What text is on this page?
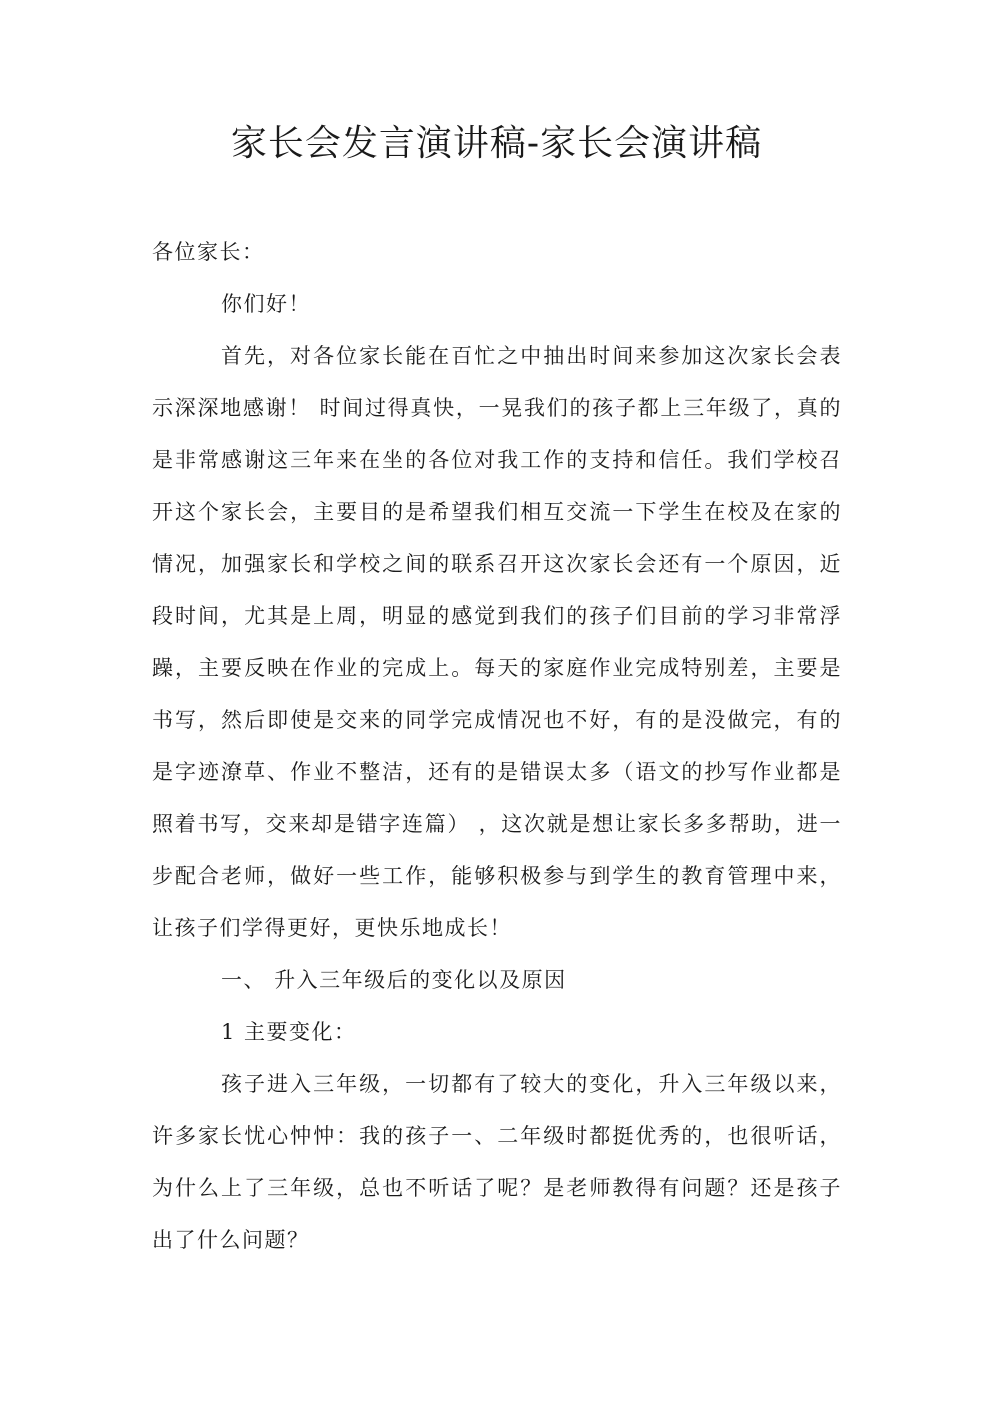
家长会发言演讲稿-家长会演讲稿

各位家长：

你们好！

首先，对各位家长能在百忙之中抽出时间来参加这次家长会表示深深地感谢！ 时间过得真快，一晃我们的孩子都上三年级了，真的是非常感谢这三年来在坐的各位对我工作的支持和信任。我们学校召开这个家长会，主要目的是希望我们相互交流一下学生在校及在家的情况，加强家长和学校之间的联系召开这次家长会还有一个原因，近段时间，尤其是上周，明显的感觉到我们的孩子们目前的学习非常浮躁，主要反映在作业的完成上。每天的家庭作业完成特别差，主要是书写，然后即使是交来的同学完成情况也不好，有的是没做完，有的是字迹潦草、作业不整洁，还有的是错误太多（语文的抄写作业都是照着书写，交来却是错字连篇） ，这次就是想让家长多多帮助，进一步配合老师，做好一些工作，能够积极参与到学生的教育管理中来，让孩子们学得更好，更快乐地成长！

一、 升入三年级后的变化以及原因

1 主要变化：

孩子进入三年级，一切都有了较大的变化，升入三年级以来，许多家长忧心忡忡：我的孩子一、二年级时都挺优秀的，也很听话，为什么上了三年级，总也不听话了呢？是老师教得有问题？还是孩子出了什么问题？
